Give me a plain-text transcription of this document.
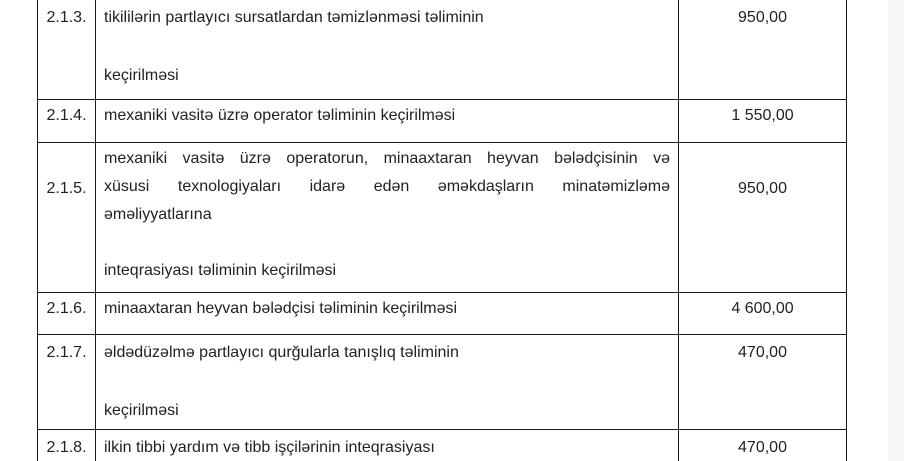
2.1.3.	tikililərin partlayıcı sursatlardan təmizlənməsi təliminin
keçirilməsi	950,00
2.1.4.	mexaniki vasitə üzrə operator təliminin keçirilməsi	1 550,00
2.1.5.	mexaniki vasitə üzrə operatorun, minaaxtaran heyvan bələdçisinin və
xüsusi texnologiyaları idarə edən əməkdaşların minatəmizləmə
əməliyyatlarına
inteqrasiyası təliminin keçirilməsi	950,00
2.1.6.	minaaxtaran heyvan bələdçisi təliminin keçirilməsi	4 600,00
2.1.7.	əldədüzəlmə partlayıcı qurğularla tanışlıq təliminin
keçirilməsi	470,00
2.1.8.	ilkin tibbi yardım və tibb işçilərinin inteqrasiyası	470,00
